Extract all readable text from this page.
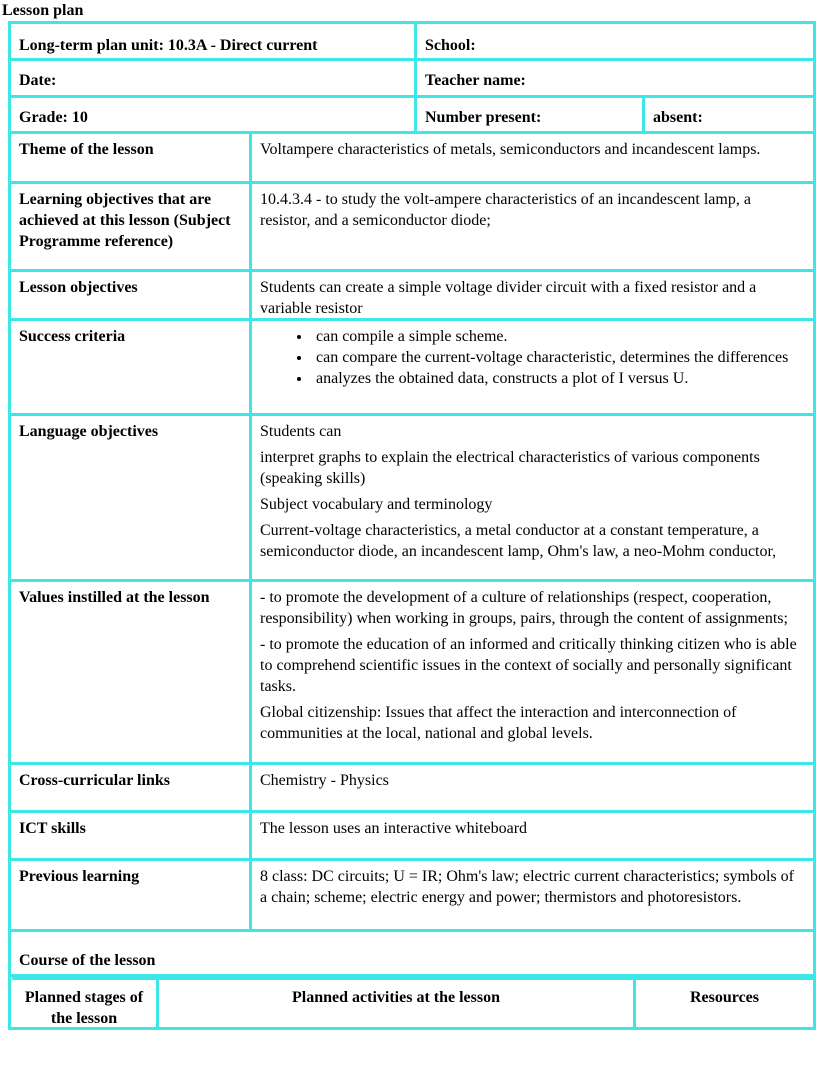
Lesson plan
Long-term plan unit: 10.3A - Direct current	School:
Date:	Teacher name:
Grade: 10	Number present:	absent:
Theme of the lesson	Voltampere characteristics of metals, semiconductors and incandescent lamps.
Learning objectives that are achieved at this lesson (Subject Programme reference)
10.4.3.4 - to study the volt-ampere characteristics of an incandescent lamp, a resistor, and a semiconductor diode;
Lesson objectives	Students can create a simple voltage divider circuit with a fixed resistor and a variable resistor
Success criteria
•	can compile a simple scheme.
• can compare the current-voltage characteristic, determines the differences
• analyzes the obtained data, constructs a plot of I versus U.
Language objectives	Students can

interpret graphs to explain the electrical characteristics of various components (speaking skills)

Subject vocabulary and terminology

Current-voltage characteristics, a metal conductor at a constant temperature, a semiconductor diode, an incandescent lamp, Ohm's law, a neo-Mohm conductor,

Values instilled at the lesson	- to promote the development of a culture of relationships (respect, cooperation, responsibility) when working in groups, pairs, through the content of assignments;

- to promote the education of an informed and critically thinking citizen who is able to comprehend scientific issues in the context of socially and personally significant tasks.

Global citizenship: Issues that affect the interaction and interconnection of communities at the local, national and global levels.

Cross-curricular links	Chemistry - Physics
ICT skills	The lesson uses an interactive whiteboard
Previous learning	8 class: DC circuits; U = IR; Ohm's law; electric current characteristics; symbols of a chain; scheme; electric energy and power; thermistors and photoresistors.
Course of the lesson
Planned stages of the lesson
Planned activities at the lesson	Resources
